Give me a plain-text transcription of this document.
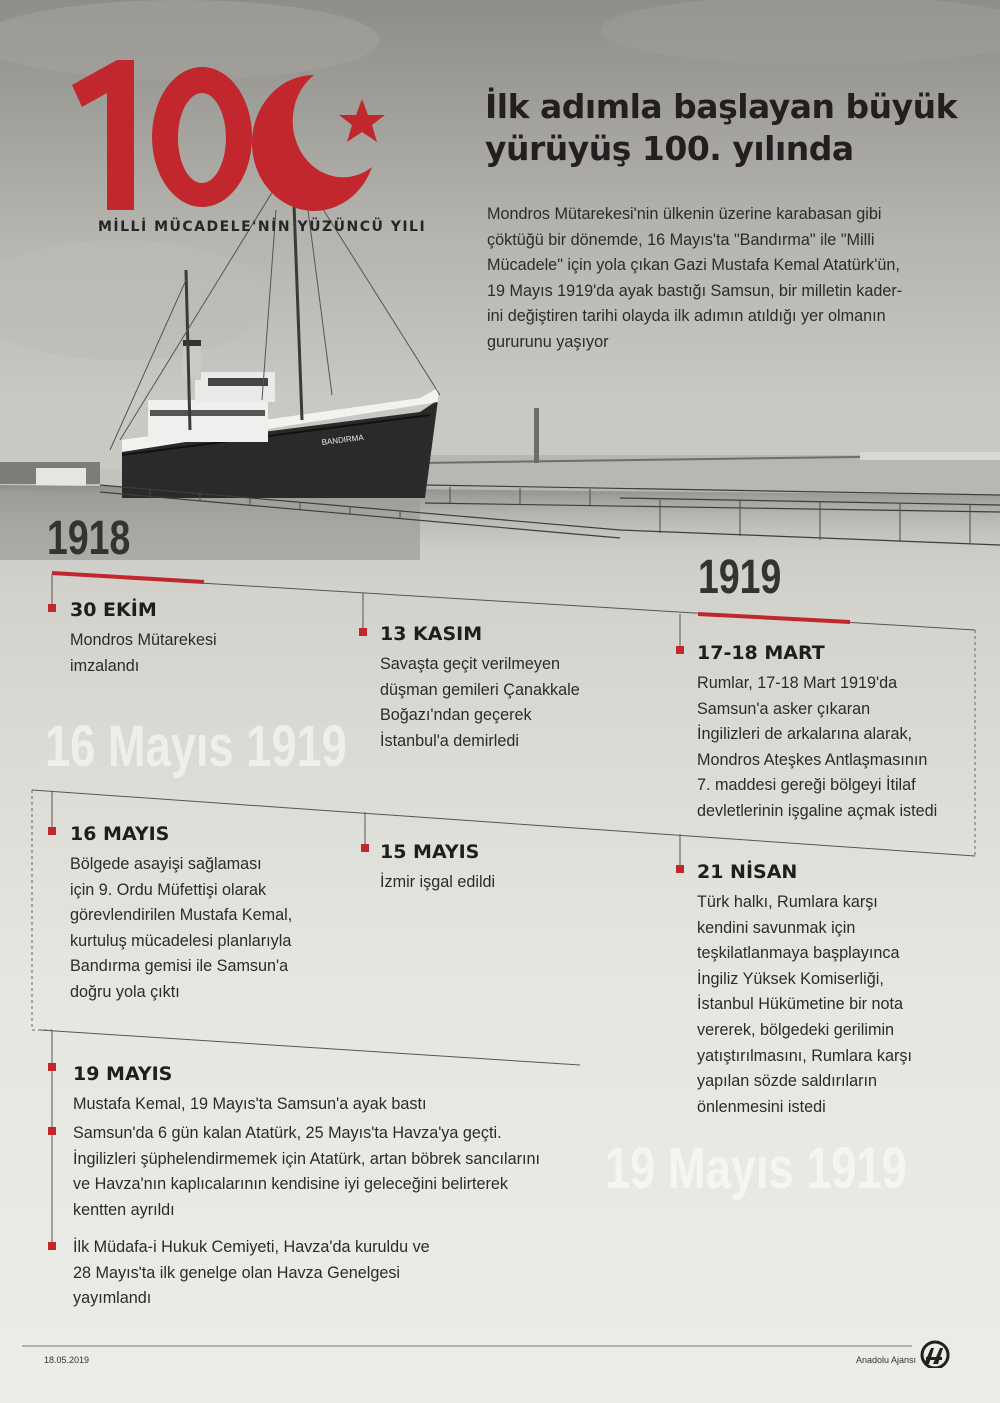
BANDIRMA
MİLLİ MÜCADELE'NİN YÜZÜNCÜ YILI
İlk adımla başlayan büyük
yürüyüş 100. yılında

Mondros Mütarekesi'nin ülkenin üzerine karabasan gibi
çöktüğü bir dönemde, 16 Mayıs'ta "Bandırma" ile "Milli
Mücadele" için yola çıkan Gazi Mustafa Kemal Atatürk'ün,
19 Mayıs 1919'da ayak bastığı Samsun, bir milletin kader-
ini değiştiren tarihi olayda ilk adımın atıldığı yer olmanın
gururunu yaşıyor

1918
1919
16 Mayıs 1919
19 Mayıs 1919

30 EKİM

Mondros Mütarekesi
imzalandı

13 KASIM

Savaşta geçit verilmeyen
düşman gemileri Çanakkale
Boğazı'ndan geçerek
İstanbul'a demirledi

17-18 MART

Rumlar, 17-18 Mart 1919'da
Samsun'a asker çıkaran
İngilizleri de arkalarına alarak,
Mondros Ateşkes Antlaşmasının
7. maddesi gereği bölgeyi İtilaf
devletlerinin işgaline açmak istedi

16 MAYIS

Bölgede asayişi sağlaması
için 9. Ordu Müfettişi olarak
görevlendirilen Mustafa Kemal,
kurtuluş mücadelesi planlarıyla
Bandırma gemisi ile Samsun'a
doğru yola çıktı

15 MAYIS

İzmir işgal edildi	21 NİSAN

Türk halkı, Rumlara karşı
kendini savunmak için
teşkilatlanmaya başplayınca
İngiliz Yüksek Komiserliği,
İstanbul Hükümetine bir nota
vererek, bölgedeki gerilimin
yatıştırılmasını, Rumlara karşı
yapılan sözde saldırıların
önlenmesini istedi

19 MAYIS

Mustafa Kemal, 19 Mayıs'ta Samsun'a ayak bastı

Samsun'da 6 gün kalan Atatürk, 25 Mayıs'ta Havza'ya geçti.
İngilizleri şüphelendirmemek için Atatürk, artan böbrek sancılarını
ve Havza'nın kaplıcalarının kendisine iyi geleceğini belirterek
kentten ayrıldı

İlk Müdafa-i Hukuk Cemiyeti, Havza'da kuruldu ve
28 Mayıs'ta ilk genelge olan Havza Genelgesi
yayımlandı

18.05.2019	Anadolu Ajansı
